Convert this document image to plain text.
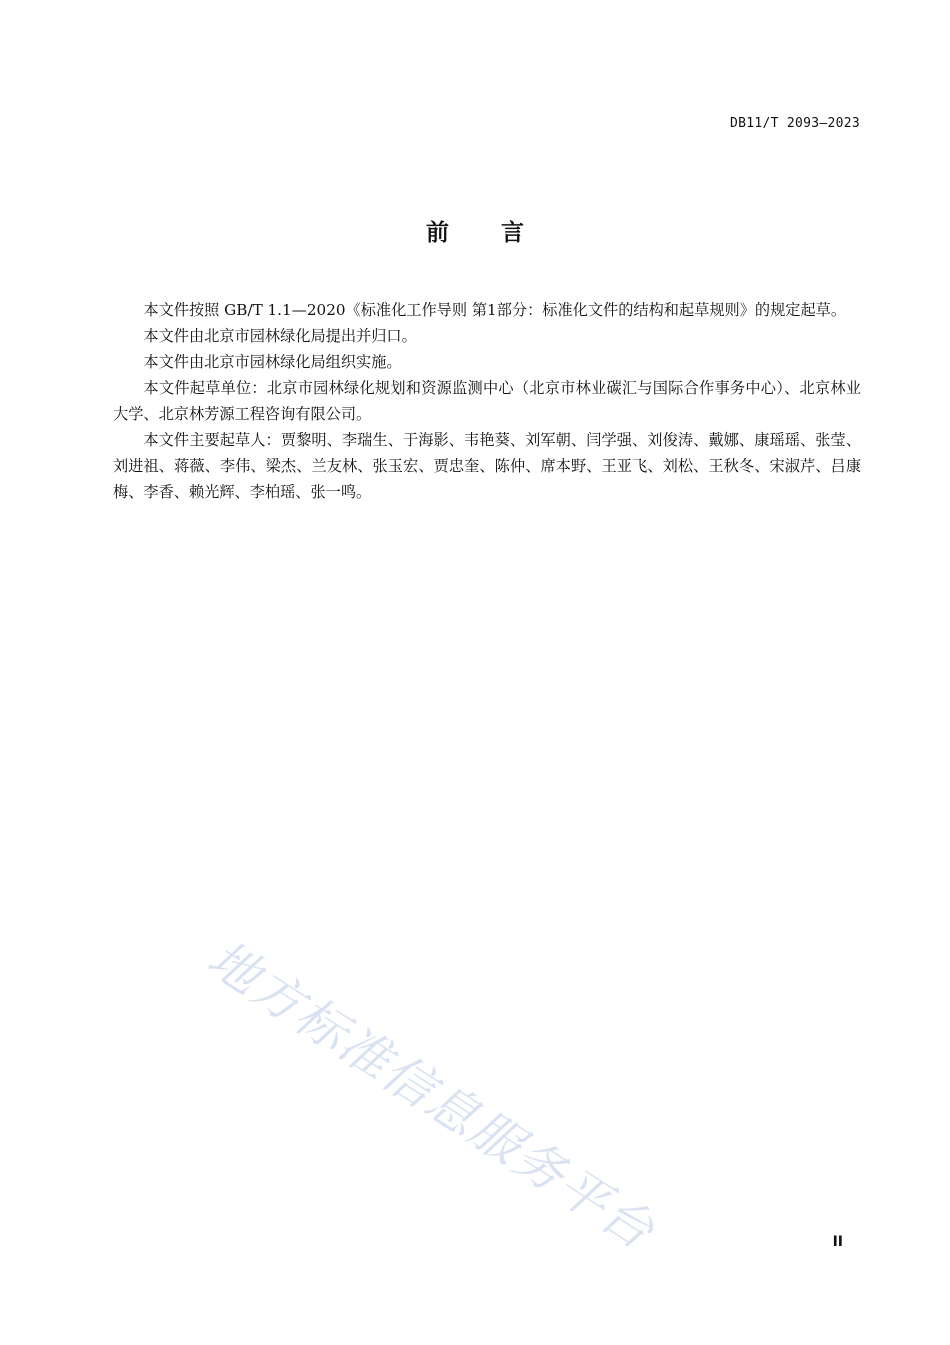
DB11/T 2093—2023
前言

本文件按照 GB/T 1.1—2020《标准化工作导则 第1部分：标准化文件的结构和起草规则》的规定起草。

本文件由北京市园林绿化局提出并归口。

本文件由北京市园林绿化局组织实施。

本文件起草单位：北京市园林绿化规划和资源监测中心（北京市林业碳汇与国际合作事务中心）、北京林业大学、北京林芳源工程咨询有限公司。

本文件主要起草人：贾黎明、李瑞生、于海影、韦艳葵、刘军朝、闫学强、刘俊涛、戴娜、康瑶瑶、张莹、刘进祖、蒋薇、李伟、梁杰、兰友林、张玉宏、贾忠奎、陈仲、席本野、王亚飞、刘松、王秋冬、宋淑芹、吕康梅、李香、赖光辉、李柏瑶、张一鸣。

地方标准信息服务平台	II
